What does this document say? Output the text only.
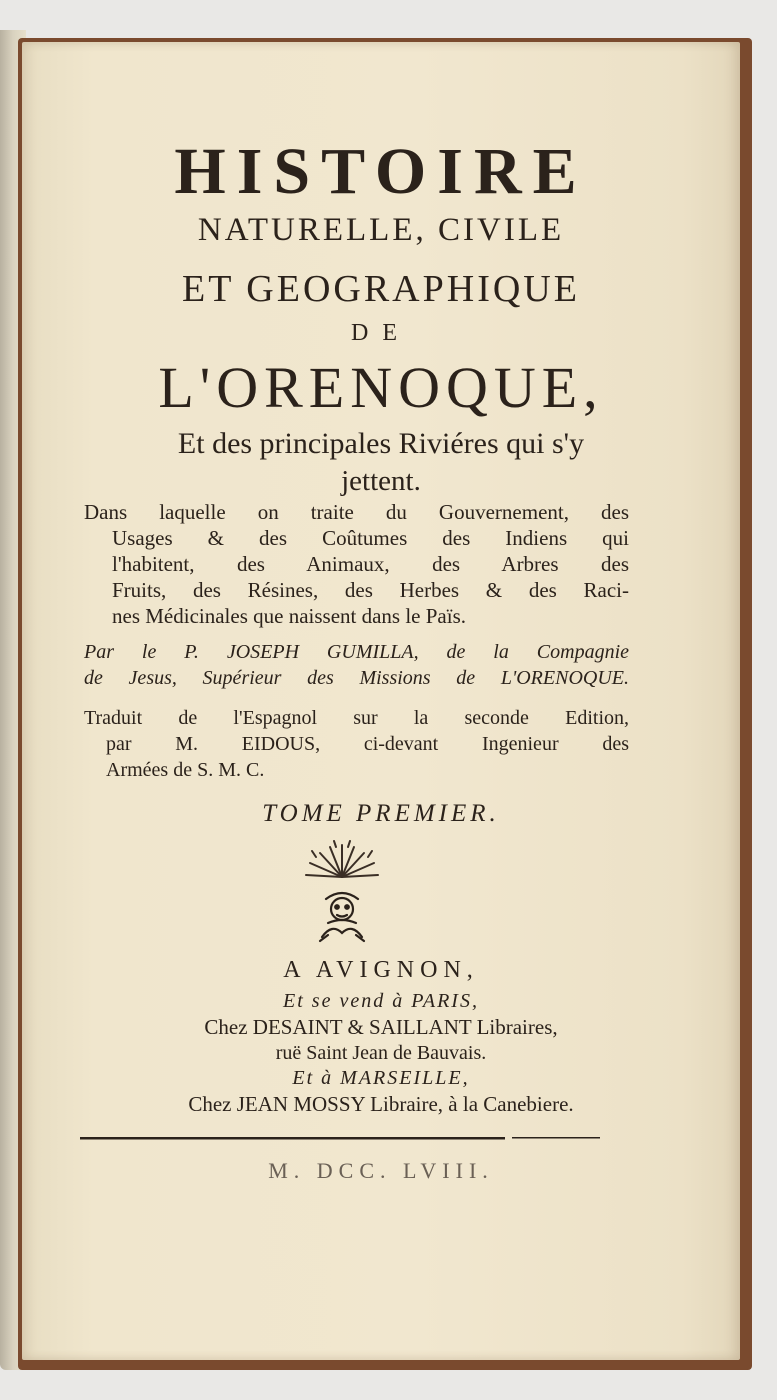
HISTOIRE
NATURELLE, CIVILE
ET GEOGRAPHIQUE
DE
L'ORENOQUE,
Et des principales Riviéres qui s'y
jettent.

Dans laquelle on traite du Gouvernement, des
Usages & des Coûtumes des Indiens qui
l'habitent, des Animaux, des Arbres des
Fruits, des Résines, des Herbes & des Raci-
nes Médicinales que naissent dans le Païs.

Par le P. JOSEPH GUMILLA, de la Compagnie
de Jesus, Supérieur des Missions de L'ORENOQUE.

Traduit de l'Espagnol sur la seconde Edition,
par M. EIDOUS, ci-devant Ingenieur des
Armées de S. M. C.

TOME PREMIER.
A AVIGNON,
Et se vend à PARIS,
Chez DESAINT & SAILLANT Libraires,
ruë Saint Jean de Bauvais.
Et à MARSEILLE,
Chez JEAN MOSSY Libraire, à la Canebiere.
M. DCC. LVIII.
